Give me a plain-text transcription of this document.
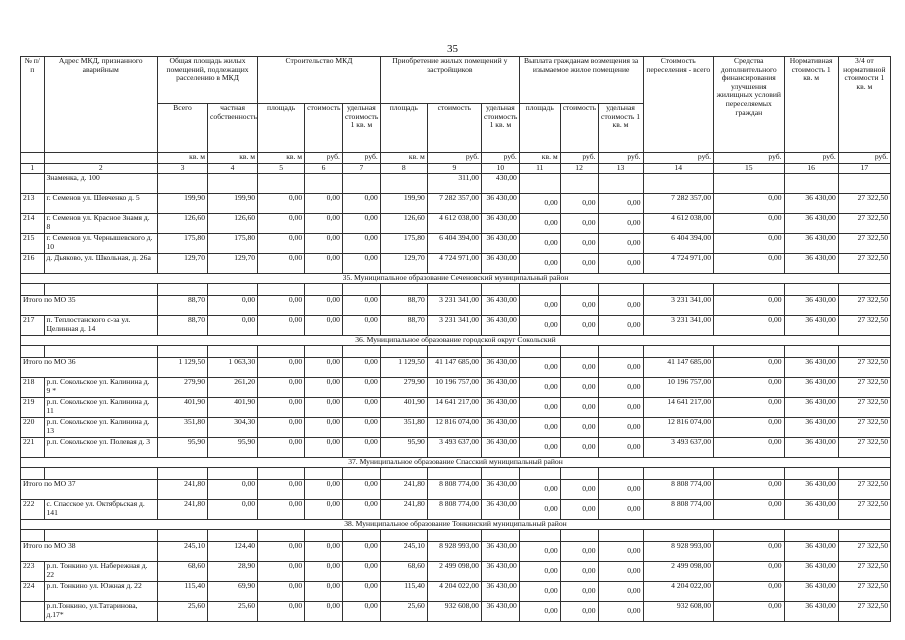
35
№ п/п	Адрес МКД, признанного аварийным	Общая площадь жилых помещений, подлежащих расселению в МКД		Строительство МКД			Приобретение жилых помещений у застройщиков			Выплата гражданам возмещения за изымаемое жилое помещение			Стоимость переселения - всего	Средства дополнительного финансирования улучшения жилищных условий переселяемых граждан	Нормативная стоимость 1 кв. м	3/4 от нормативной стоимости 1 кв. м
		Всего	частная собственность	площадь	стоимость	удельная стоимость 1 кв. м	площадь	стоимость	удельная стоимость 1 кв. м	площадь	стоимость	удельная стоимость 1 кв. м				
		кв. м	кв. м	кв. м	руб.	руб.	кв. м	руб.	руб.	кв. м	руб.	руб.	руб.	руб.	руб.	руб.
1	2	3	4	5	6	7	8	9	10	11	12	13	14	15	16	17
	Знаменка, д. 100							311,00	430,00							
213	г. Семенов ул. Шевченко д. 5	199,90	199,90	0,00	0,00	0,00	199,90	7 282 357,00	36 430,00	0,00	0,00	0,00	7 282 357,00	0,00	36 430,00	27 322,50
214	г. Семенов ул. Красное Знамя д. 8	126,60	126,60	0,00	0,00	0,00	126,60	4 612 038,00	36 430,00	0,00	0,00	0,00	4 612 038,00	0,00	36 430,00	27 322,50
215	г. Семенов ул. Чернышевского д. 10	175,80	175,80	0,00	0,00	0,00	175,80	6 404 394,00	36 430,00	0,00	0,00	0,00	6 404 394,00	0,00	36 430,00	27 322,50
216	д. Дьяково, ул. Школьная, д. 26а	129,70	129,70	0,00	0,00	0,00	129,70	4 724 971,00	36 430,00	0,00	0,00	0,00	4 724 971,00	0,00	36 430,00	27 322,50
35. Муниципальное образование Сеченовский муниципальный район																

Итого по МО 35		88,70	0,00	0,00	0,00	0,00	88,70	3 231 341,00	36 430,00	0,00	0,00	0,00	3 231 341,00	0,00	36 430,00	27 322,50
217	п. Теплостанского с-за ул. Целинная д. 14	88,70	0,00	0,00	0,00	0,00	88,70	3 231 341,00	36 430,00	0,00	0,00	0,00	3 231 341,00	0,00	36 430,00	27 322,50
36. Муниципальное образование городской округ Сокольский																

Итого по МО 36		1 129,50	1 063,30	0,00	0,00	0,00	1 129,50	41 147 685,00	36 430,00	0,00	0,00	0,00	41 147 685,00	0,00	36 430,00	27 322,50
218	р.п. Сокольское ул. Калинина д. 9 *	279,90	261,20	0,00	0,00	0,00	279,90	10 196 757,00	36 430,00	0,00	0,00	0,00	10 196 757,00	0,00	36 430,00	27 322,50
219	р.п. Сокольское ул. Калинина д. 11	401,90	401,90	0,00	0,00	0,00	401,90	14 641 217,00	36 430,00	0,00	0,00	0,00	14 641 217,00	0,00	36 430,00	27 322,50
220	р.п. Сокольское ул. Калинина д. 13	351,80	304,30	0,00	0,00	0,00	351,80	12 816 074,00	36 430,00	0,00	0,00	0,00	12 816 074,00	0,00	36 430,00	27 322,50
221	р.п. Сокольское ул. Полевая д. 3	95,90	95,90	0,00	0,00	0,00	95,90	3 493 637,00	36 430,00	0,00	0,00	0,00	3 493 637,00	0,00	36 430,00	27 322,50
37. Муниципальное образование Спасский муниципальный район																

Итого по МО 37		241,80	0,00	0,00	0,00	0,00	241,80	8 808 774,00	36 430,00	0,00	0,00	0,00	8 808 774,00	0,00	36 430,00	27 322,50
222	с. Спасское ул. Октябрьская д. 141	241,80	0,00	0,00	0,00	0,00	241,80	8 808 774,00	36 430,00	0,00	0,00	0,00	8 808 774,00	0,00	36 430,00	27 322,50
38. Муниципальное образование Тонкинский муниципальный район																

Итого по МО 38		245,10	124,40	0,00	0,00	0,00	245,10	8 928 993,00	36 430,00	0,00	0,00	0,00	8 928 993,00	0,00	36 430,00	27 322,50
223	р.п. Тонкино ул. Набережная д. 22	68,60	28,90	0,00	0,00	0,00	68,60	2 499 098,00	36 430,00	0,00	0,00	0,00	2 499 098,00	0,00	36 430,00	27 322,50
224	р.п. Тонкино ул. Южная д. 22	115,40	69,90	0,00	0,00	0,00	115,40	4 204 022,00	36 430,00	0,00	0,00	0,00	4 204 022,00	0,00	36 430,00	27 322,50
	р.п.Тонкино, ул.Татаринова, д.17*	25,60	25,60	0,00	0,00	0,00	25,60	932 608,00	36 430,00	0,00	0,00	0,00	932 608,00	0,00	36 430,00	27 322,50
